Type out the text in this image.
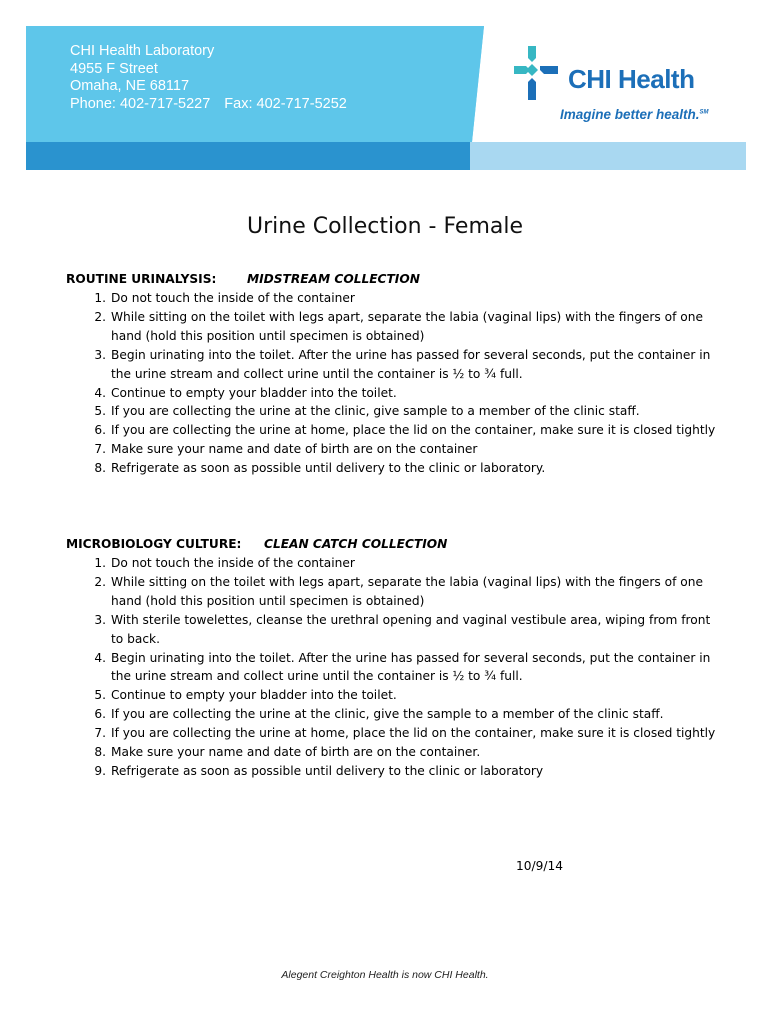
CHI Health Laboratory
4955 F Street
Omaha, NE 68117
Phone: 402-717-5227 Fax: 402-717-5252
CHI Health
Imagine better health.℠
Urine Collection - Female
ROUTINE URINALYSIS:	MIDSTREAM COLLECTION
1. Do not touch the inside of the container
2. While sitting on the toilet with legs apart, separate the labia (vaginal lips) with the fingers of one hand (hold this position until specimen is obtained)
3. Begin urinating into the toilet. After the urine has passed for several seconds, put the container in the urine stream and collect urine until the container is ½ to ¾ full.
4. Continue to empty your bladder into the toilet.
5. If you are collecting the urine at the clinic, give sample to a member of the clinic staff.
6. If you are collecting the urine at home, place the lid on the container, make sure it is closed tightly
7. Make sure your name and date of birth are on the container
8. Refrigerate as soon as possible until delivery to the clinic or laboratory.
MICROBIOLOGY CULTURE: CLEAN CATCH COLLECTION
1. Do not touch the inside of the container
2. While sitting on the toilet with legs apart, separate the labia (vaginal lips) with the fingers of one hand (hold this position until specimen is obtained)
3. With sterile towelettes, cleanse the urethral opening and vaginal vestibule area, wiping from front to back.
4. Begin urinating into the toilet. After the urine has passed for several seconds, put the container in the urine stream and collect urine until the container is ½ to ¾ full.
5. Continue to empty your bladder into the toilet.
6. If you are collecting the urine at the clinic, give the sample to a member of the clinic staff.
7. If you are collecting the urine at home, place the lid on the container, make sure it is closed tightly
8. Make sure your name and date of birth are on the container.
9. Refrigerate as soon as possible until delivery to the clinic or laboratory
10/9/14
Alegent Creighton Health is now CHI Health.
